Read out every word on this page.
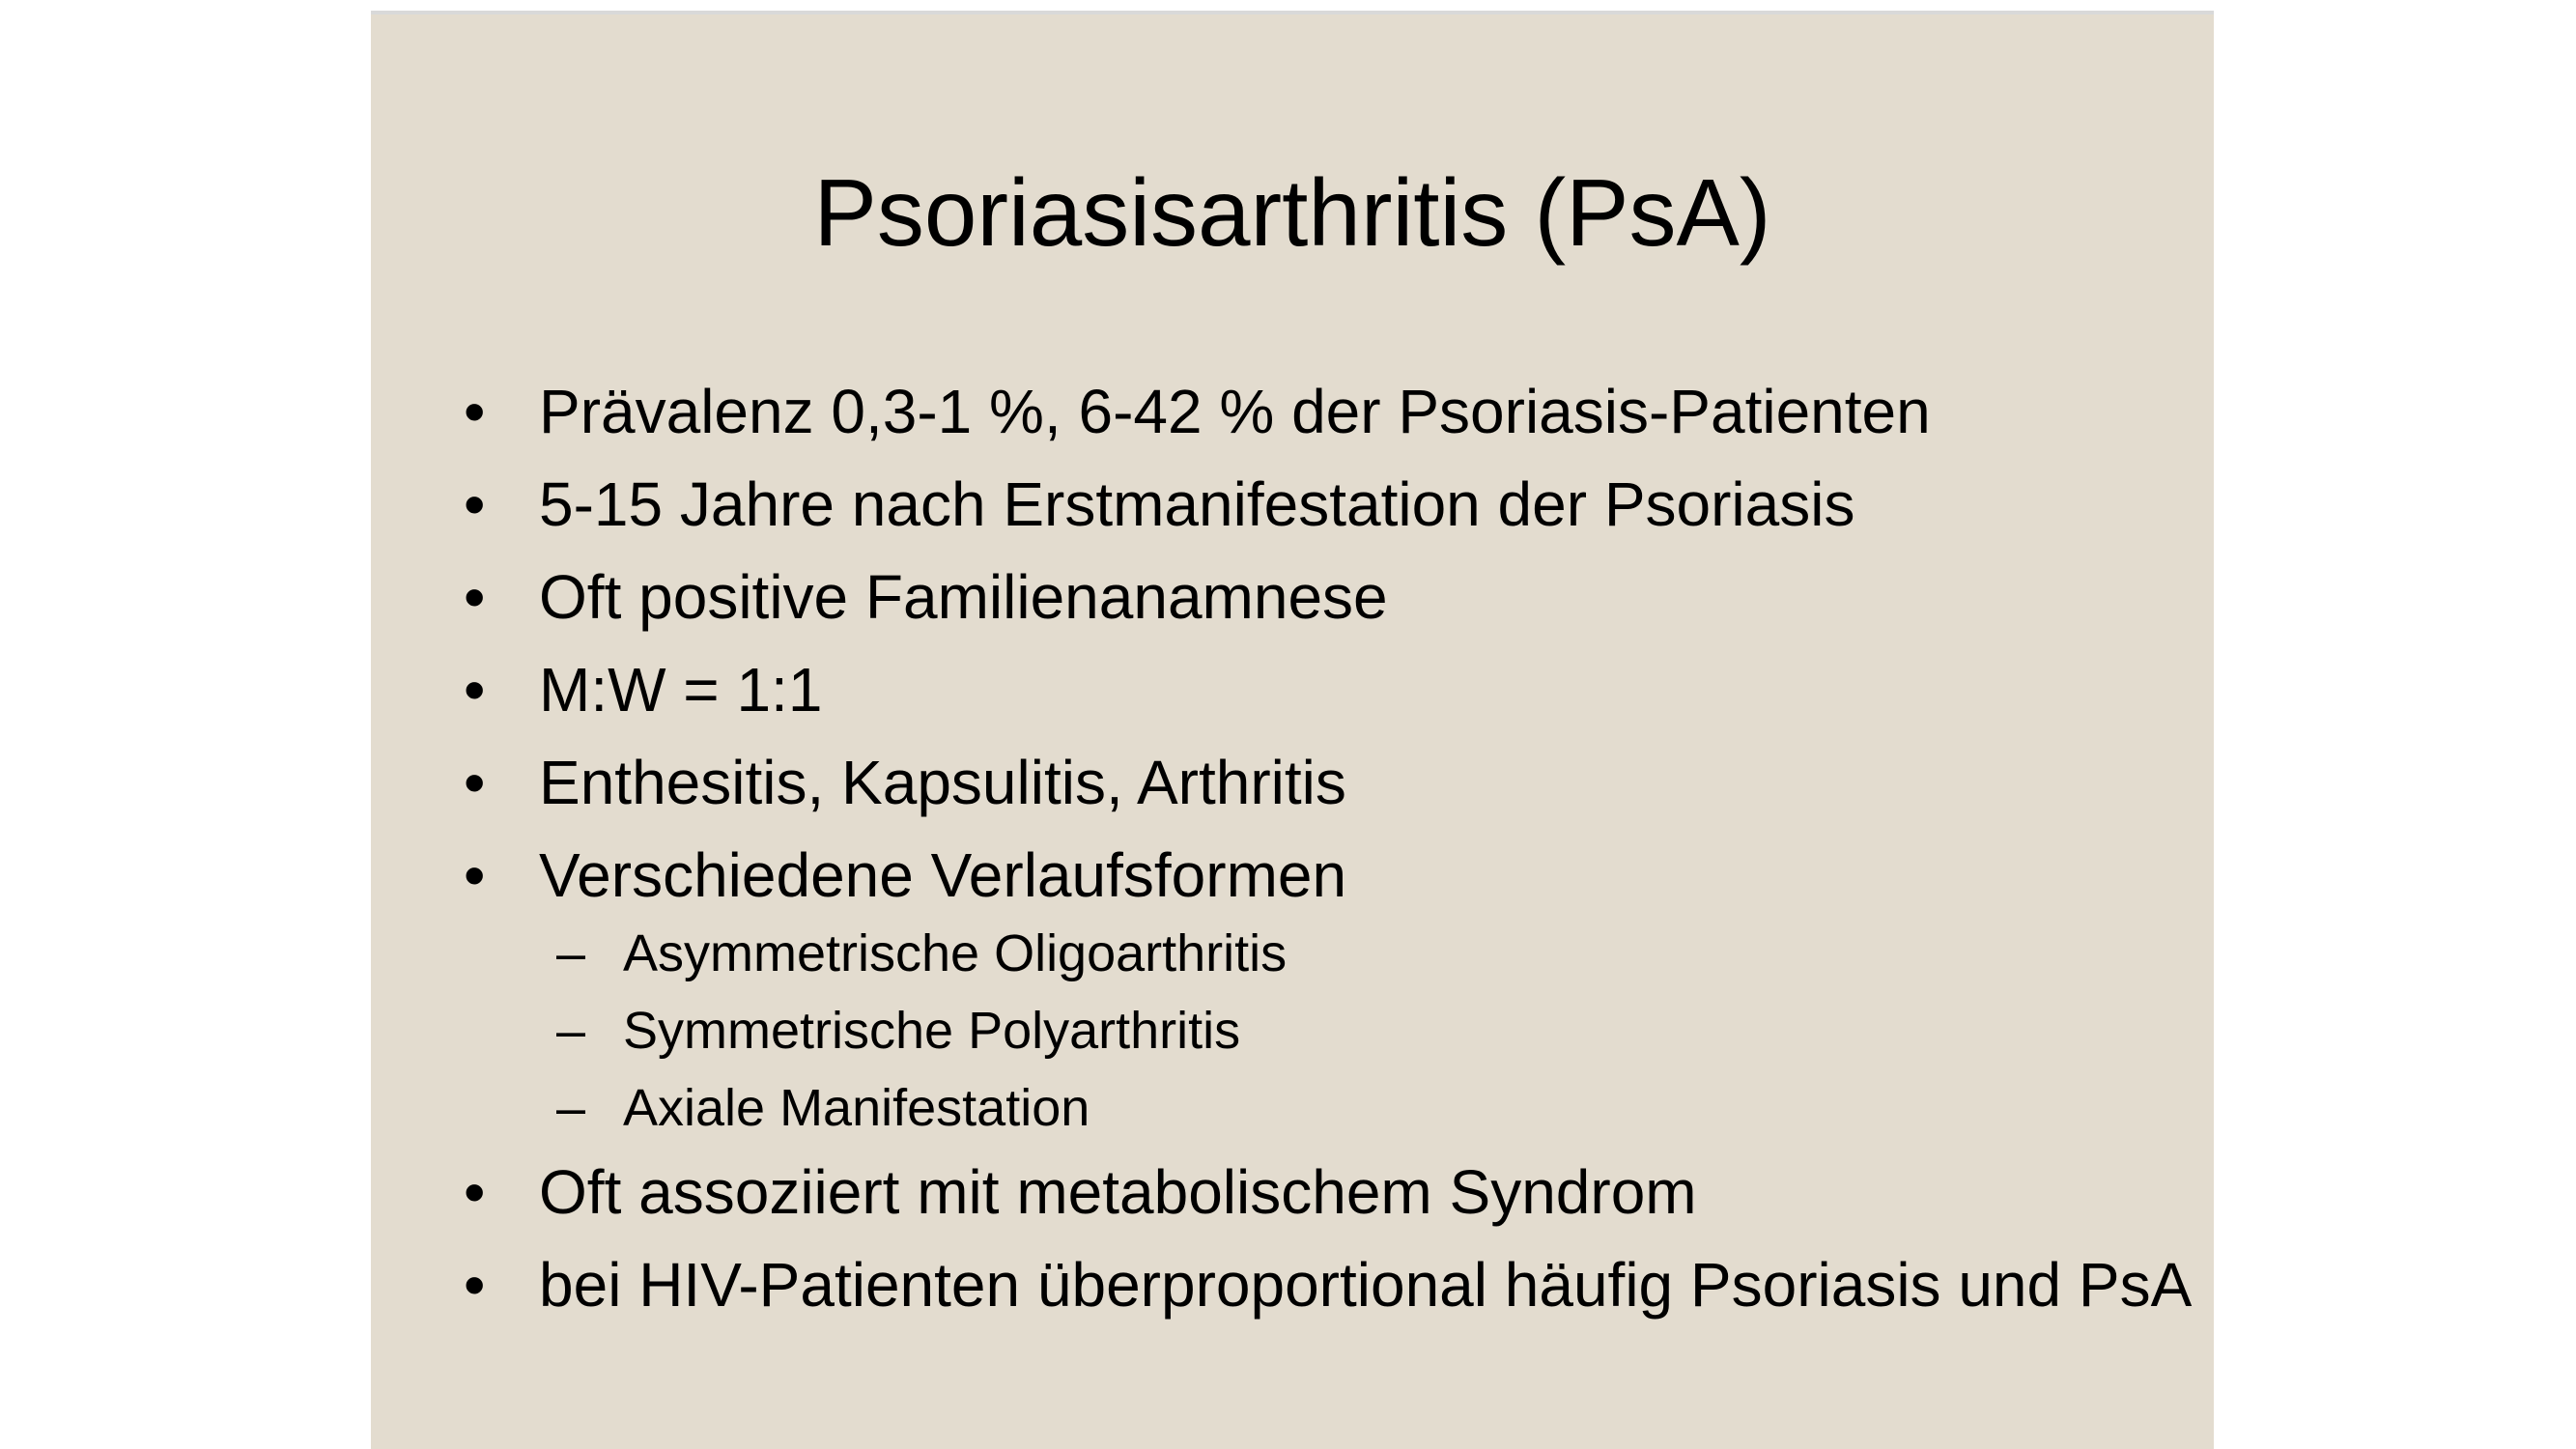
Psoriasisarthritis (PsA)
• Prävalenz 0,3-1 %, 6-42 % der Psoriasis-Patienten
• 5-15 Jahre nach Erstmanifestation der Psoriasis
• Oft positive Familienanamnese
• M:W = 1:1
• Enthesitis, Kapsulitis, Arthritis
• Verschiedene Verlaufsformen
– Asymmetrische Oligoarthritis
– Symmetrische Polyarthritis
– Axiale Manifestation
• Oft assoziiert mit metabolischem Syndrom
• bei HIV-Patienten überproportional häufig Psoriasis und PsA
